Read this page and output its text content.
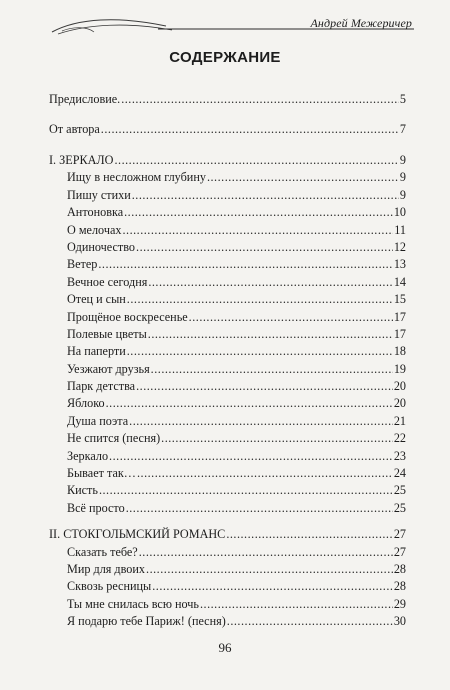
Андрей Межеричер
СОДЕРЖАНИЕ
Предисловие. .....	5
От автора .....	7
I. ЗЕРКАЛО .....	9
Ищу в несложном глубину .....	9
Пишу стихи .....	9
Антоновка .....	10
О мелочах .....	11
Одиночество .....	12
Ветер .....	13
Вечное сегодня .....	14
Отец и сын .....	15
Прощёное воскресенье .....	17
Полевые цветы .....	17
На паперти .....	18
Уезжают друзья .....	19
Парк детства .....	20
Яблоко .....	20
Душа поэта .....	21
Не спится (песня) .....	22
Зеркало .....	23
Бывает так… .....	24
Кисть .....	25
Всё просто .....	25
II. СТОКГОЛЬМСКИЙ РОМАНС .....	27
Сказать тебе? .....	27
Мир для двоих .....	28
Сквозь ресницы .....	28
Ты мне снилась всю ночь .....	29
Я подарю тебе Париж! (песня) .....	30
96
